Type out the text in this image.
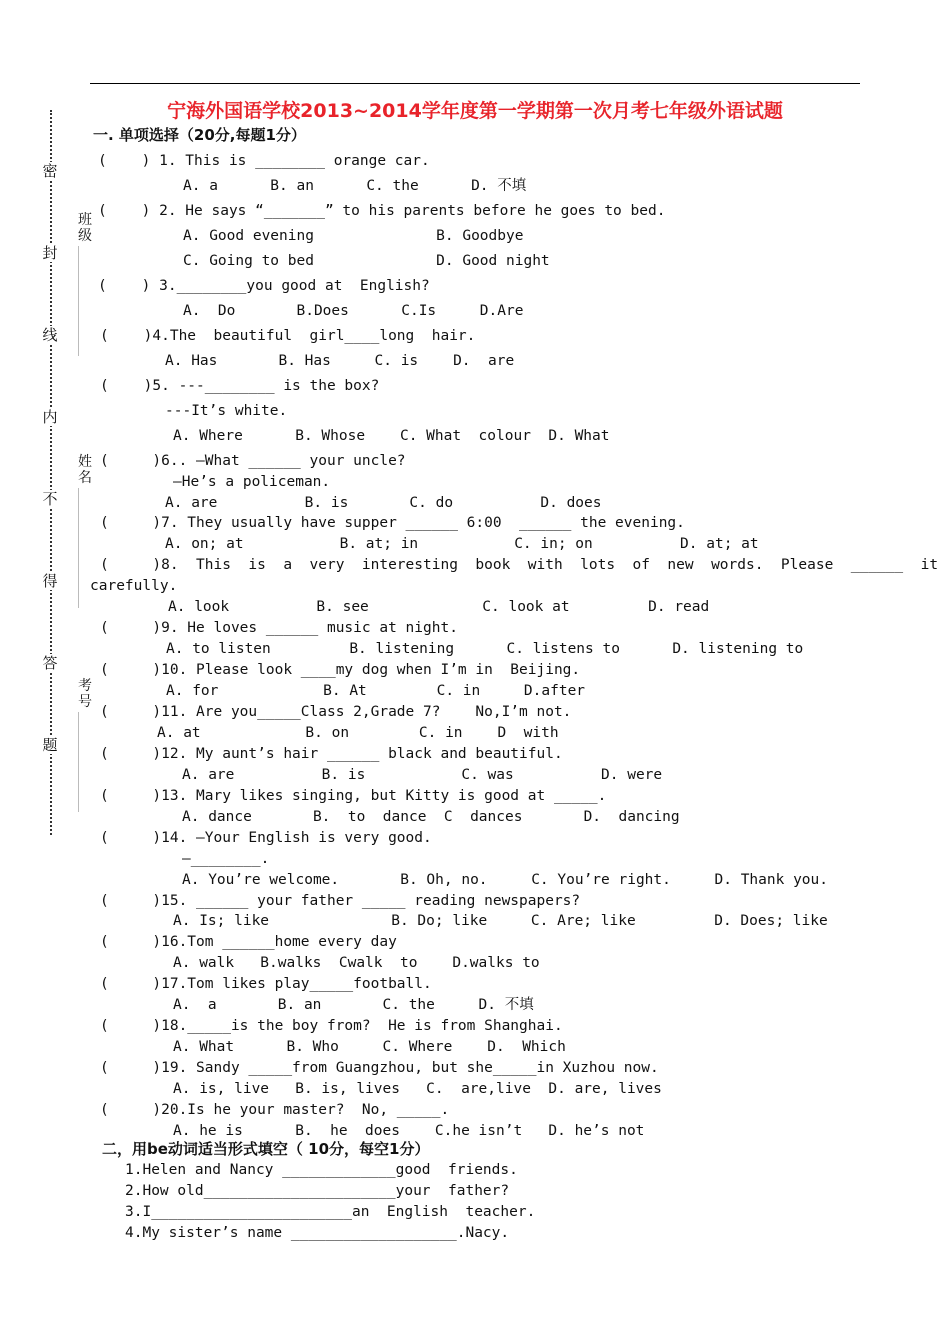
宁海外国语学校2013~2014学年度第一学期第一次月考七年级外语试题
密
封
线
内
不
得
答
题
班级
姓名
考号
一. 单项选择（20分,每题1分）
(    ) 1. This is ________ orange car.
A. a      B. an      C. the      D. 不填
(    ) 2. He says “_______” to his parents before he goes to bed.
A. Good evening              B. Goodbye
C. Going to bed              D. Good night
(    ) 3.________you good at  English?
A.  Do       B.Does      C.Is     D.Are
(    )4.The  beautiful  girl____long  hair.
A. Has       B. Has     C. is    D.  are
(    )5. ---________ is the box?
---It’s white.
A. Where      B. Whose    C. What  colour  D. What
(     )6.. —What ______ your uncle?
—He’s a policeman.
A. are          B. is       C. do          D. does
(     )7. They usually have supper ______ 6:00  ______ the evening.
A. on; at           B. at; in           C. in; on          D. at; at
(     )8.  This  is  a  very  interesting  book  with  lots  of  new  words.  Please  ______  it
carefully.
A. look          B. see             C. look at         D. read
(     )9. He loves ______ music at night.
A. to listen         B. listening      C. listens to      D. listening to
(     )10. Please look ____my dog when I’m in  Beijing.
A. for            B. At        C. in     D.after
(     )11. Are you_____Class 2,Grade 7?    No,I’m not.
A. at            B. on        C. in    D  with
(     )12. My aunt’s hair ______ black and beautiful.
A. are          B. is           C. was          D. were
(     )13. Mary likes singing, but Kitty is good at _____.
A. dance       B.  to  dance  C  dances       D.  dancing
(     )14. —Your English is very good.
—________.
A. You’re welcome.       B. Oh, no.     C. You’re right.     D. Thank you.
(     )15. ______ your father _____ reading newspapers?
A. Is; like              B. Do; like     C. Are; like         D. Does; like
(     )16.Tom ______home every day
A. walk   B.walks  Cwalk  to    D.walks to
(     )17.Tom likes play_____football.
A.  a       B. an       C. the     D. 不填
(     )18._____is the boy from?  He is from Shanghai.
A. What      B. Who     C. Where    D.  Which
(     )19. Sandy _____from Guangzhou, but she_____in Xuzhou now.
A. is, live   B. is, lives   C.  are,live  D. are, lives
(     )20.Is he your master?  No, _____.
A. he is      B.  he  does    C.he isn’t   D. he’s not
二，用be动词适当形式填空（ 10分，每空1分）
1.Helen and Nancy _____________good  friends.
2.How old______________________your  father?
3.I_______________________an  English  teacher.
4.My sister’s name ___________________.Nacy.
